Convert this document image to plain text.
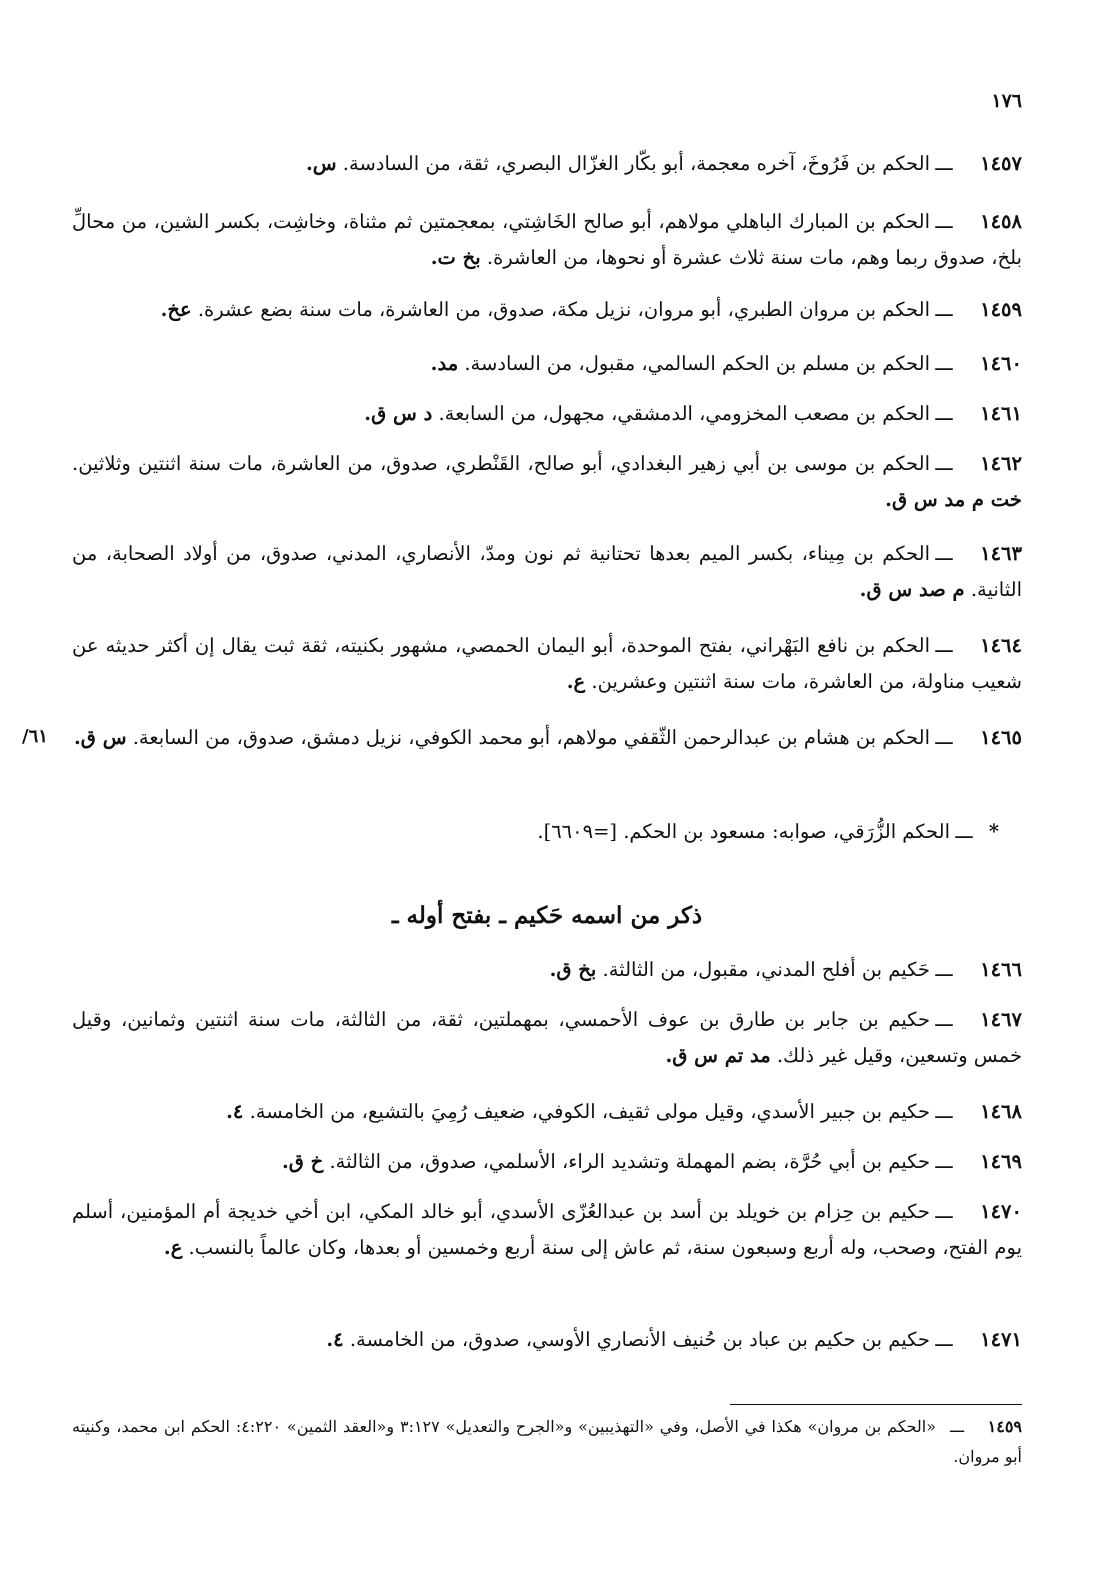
١٧٦
١٤٥٧
ـــ
الحكم بن فَرُوخَ، آخره معجمة، أبو بكّار الغزّال البصري، ثقة، من السادسة. س.
١٤٥٨
ـــ
الحكم بن المبارك الباهلي مولاهم، أبو صالح الخَاشِتي، بمعجمتين ثم مثناة، وخاشِت، بكسر الشين، من محالِّ بلخ، صدوق ربما وهم، مات سنة ثلاث عشرة أو نحوها، من العاشرة. بخ ت.
١٤٥٩
ـــ
الحكم بن مروان الطبري، أبو مروان، نزيل مكة، صدوق، من العاشرة، مات سنة بضع عشرة. عخ.
١٤٦٠
ـــ
الحكم بن مسلم بن الحكم السالمي، مقبول، من السادسة. مد.
١٤٦١
ـــ
الحكم بن مصعب المخزومي، الدمشقي، مجهول، من السابعة. د س ق.
١٤٦٢
ـــ
الحكم بن موسى بن أبي زهير البغدادي، أبو صالح، القَنْطري، صدوق، من العاشرة، مات سنة اثنتين وثلاثين. خت م مد س ق.
١٤٦٣
ـــ
الحكم بن مِيناء، بكسر الميم بعدها تحتانية ثم نون ومدّ، الأنصاري، المدني، صدوق، من أولاد الصحابة، من الثانية. م صد س ق.
١٤٦٤
ـــ
الحكم بن نافع البَهْراني، بفتح الموحدة، أبو اليمان الحمصي، مشهور بكنيته، ثقة ثبت يقال إن أكثر حديثه عن شعيب مناولة، من العاشرة، مات سنة اثنتين وعشرين. ع.
١٤٦٥
ـــ
الحكم بن هشام بن عبدالرحمن الثّقفي مولاهم، أبو محمد الكوفي، نزيل دمشق، صدوق، من السابعة. س ق.
٦١/
*
ـــ
الحكم الزُّرَقي، صوابه: مسعود بن الحكم. [=٦٦٠٩].
ذكر من اسمه حَكيم ـ بفتح أوله ـ
١٤٦٦
ـــ
حَكيم بن أفلح المدني، مقبول، من الثالثة. بخ ق.
١٤٦٧
ـــ
حكيم بن جابر بن طارق بن عوف الأحمسي، بمهملتين، ثقة، من الثالثة، مات سنة اثنتين وثمانين، وقيل خمس وتسعين، وقيل غير ذلك. مد تم س ق.
١٤٦٨
ـــ
حكيم بن جبير الأسدي، وقيل مولى ثقيف، الكوفي، ضعيف رُمِيَ بالتشيع، من الخامسة. ٤.
١٤٦٩
ـــ
حكيم بن أبي حُرَّة، بضم المهملة وتشديد الراء، الأسلمي، صدوق، من الثالثة. خ ق.
١٤٧٠
ـــ
حكيم بن حِزام بن خويلد بن أسد بن عبدالعُزّى الأسدي، أبو خالد المكي، ابن أخي خديجة أم المؤمنين، أسلم يوم الفتح، وصحب، وله أربع وسبعون سنة، ثم عاش إلى سنة أربع وخمسين أو بعدها، وكان عالماً بالنسب. ع.
١٤٧١
ـــ
حكيم بن حكيم بن عباد بن حُنيف الأنصاري الأوسي، صدوق، من الخامسة. ٤.
١٤٥٩
ـــ
«الحكم بن مروان» هكذا في الأصل، وفي «التهذيبين» و«الجرح والتعديل» ٣:١٢٧ و«العقد الثمين» ٤:٢٢٠: الحكم ابن محمد، وكنيته أبو مروان.
